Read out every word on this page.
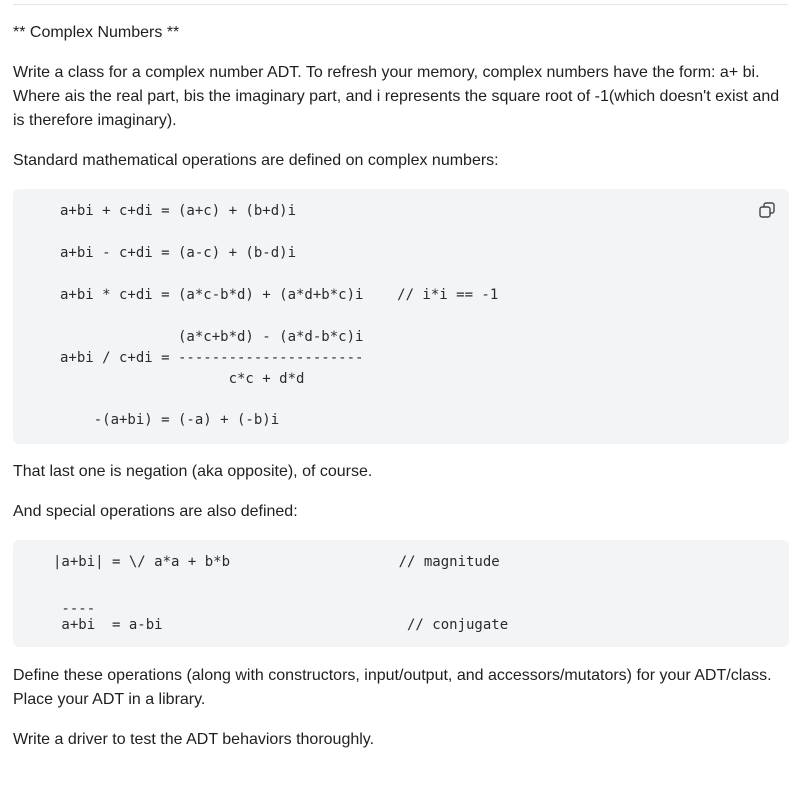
** Complex Numbers **
Write a class for a complex number ADT. To refresh your memory, complex numbers have the form: a+ bi.
Where ais the real part, bis the imaginary part, and i represents the square root of -1(which doesn't exist and
is therefore imaginary).
Standard mathematical operations are defined on complex numbers:
a+bi + c+di = (a+c) + (b+d)i
a+bi - c+di = (a-c) + (b-d)i
a+bi * c+di = (a*c-b*d) + (a*d+b*c)i    // i*i == -1
(a*c+b*d) - (a*d-b*c)i
a+bi / c+di = ----------------------
c*c + d*d
-(a+bi) = (-a) + (-b)i
That last one is negation (aka opposite), of course.
And special operations are also defined:
|a+bi| = \/ a*a + b*b                    // magnitude
----
a+bi  = a-bi                             // conjugate
Define these operations (along with constructors, input/output, and accessors/mutators) for your ADT/class.
Place your ADT in a library.
Write a driver to test the ADT behaviors thoroughly.
